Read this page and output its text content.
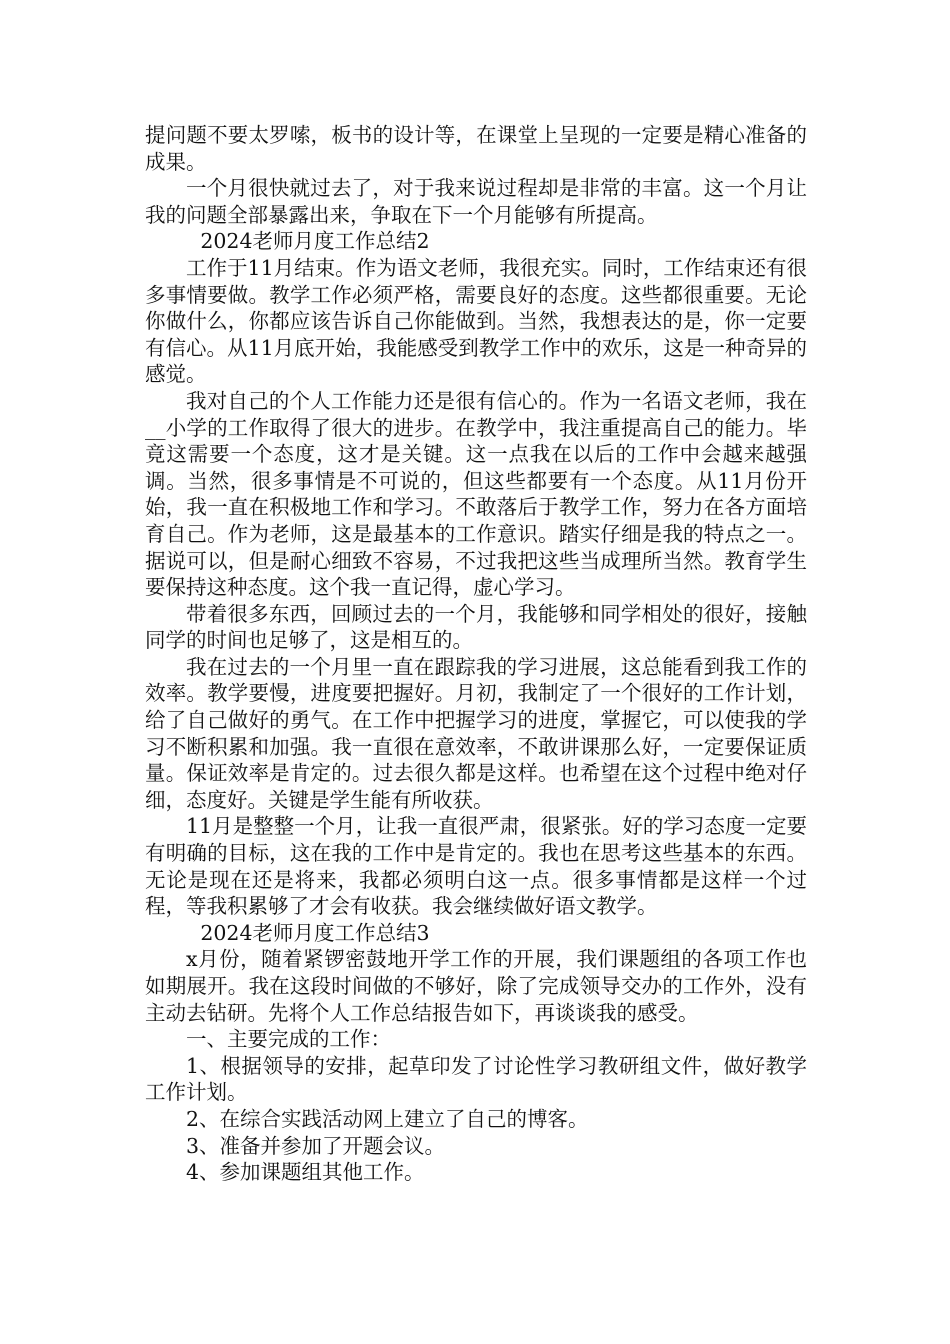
提问题不要太罗嗦，板书的设计等，在课堂上呈现的一定要是精心准备的成果。

一个月很快就过去了，对于我来说过程却是非常的丰富。这一个月让我的问题全部暴露出来，争取在下一个月能够有所提高。

2024老师月度工作总结2

工作于11月结束。作为语文老师，我很充实。同时，工作结束还有很多事情要做。教学工作必须严格，需要良好的态度。这些都很重要。无论你做什么，你都应该告诉自己你能做到。当然，我想表达的是，你一定要有信心。从11月底开始，我能感受到教学工作中的欢乐，这是一种奇异的感觉。

我对自己的个人工作能力还是很有信心的。作为一名语文老师，我在__小学的工作取得了很大的进步。在教学中，我注重提高自己的能力。毕竟这需要一个态度，这才是关键。这一点我在以后的工作中会越来越强调。当然，很多事情是不可说的，但这些都要有一个态度。从11月份开始，我一直在积极地工作和学习。不敢落后于教学工作，努力在各方面培育自己。作为老师，这是最基本的工作意识。踏实仔细是我的特点之一。据说可以，但是耐心细致不容易，不过我把这些当成理所当然。教育学生要保持这种态度。这个我一直记得，虚心学习。

带着很多东西，回顾过去的一个月，我能够和同学相处的很好，接触同学的时间也足够了，这是相互的。

我在过去的一个月里一直在跟踪我的学习进展，这总能看到我工作的效率。教学要慢，进度要把握好。月初，我制定了一个很好的工作计划，给了自己做好的勇气。在工作中把握学习的进度，掌握它，可以使我的学习不断积累和加强。我一直很在意效率，不敢讲课那么好，一定要保证质量。保证效率是肯定的。过去很久都是这样。也希望在这个过程中绝对仔细，态度好。关键是学生能有所收获。

11月是整整一个月，让我一直很严肃，很紧张。好的学习态度一定要有明确的目标，这在我的工作中是肯定的。我也在思考这些基本的东西。无论是现在还是将来，我都必须明白这一点。很多事情都是这样一个过程，等我积累够了才会有收获。我会继续做好语文教学。

2024老师月度工作总结3

x月份，随着紧锣密鼓地开学工作的开展，我们课题组的各项工作也如期展开。我在这段时间做的不够好，除了完成领导交办的工作外，没有主动去钻研。先将个人工作总结报告如下，再谈谈我的感受。

一、主要完成的工作：

1、根据领导的安排，起草印发了讨论性学习教研组文件，做好教学工作计划。

2、在综合实践活动网上建立了自己的博客。

3、准备并参加了开题会议。

4、参加课题组其他工作。
